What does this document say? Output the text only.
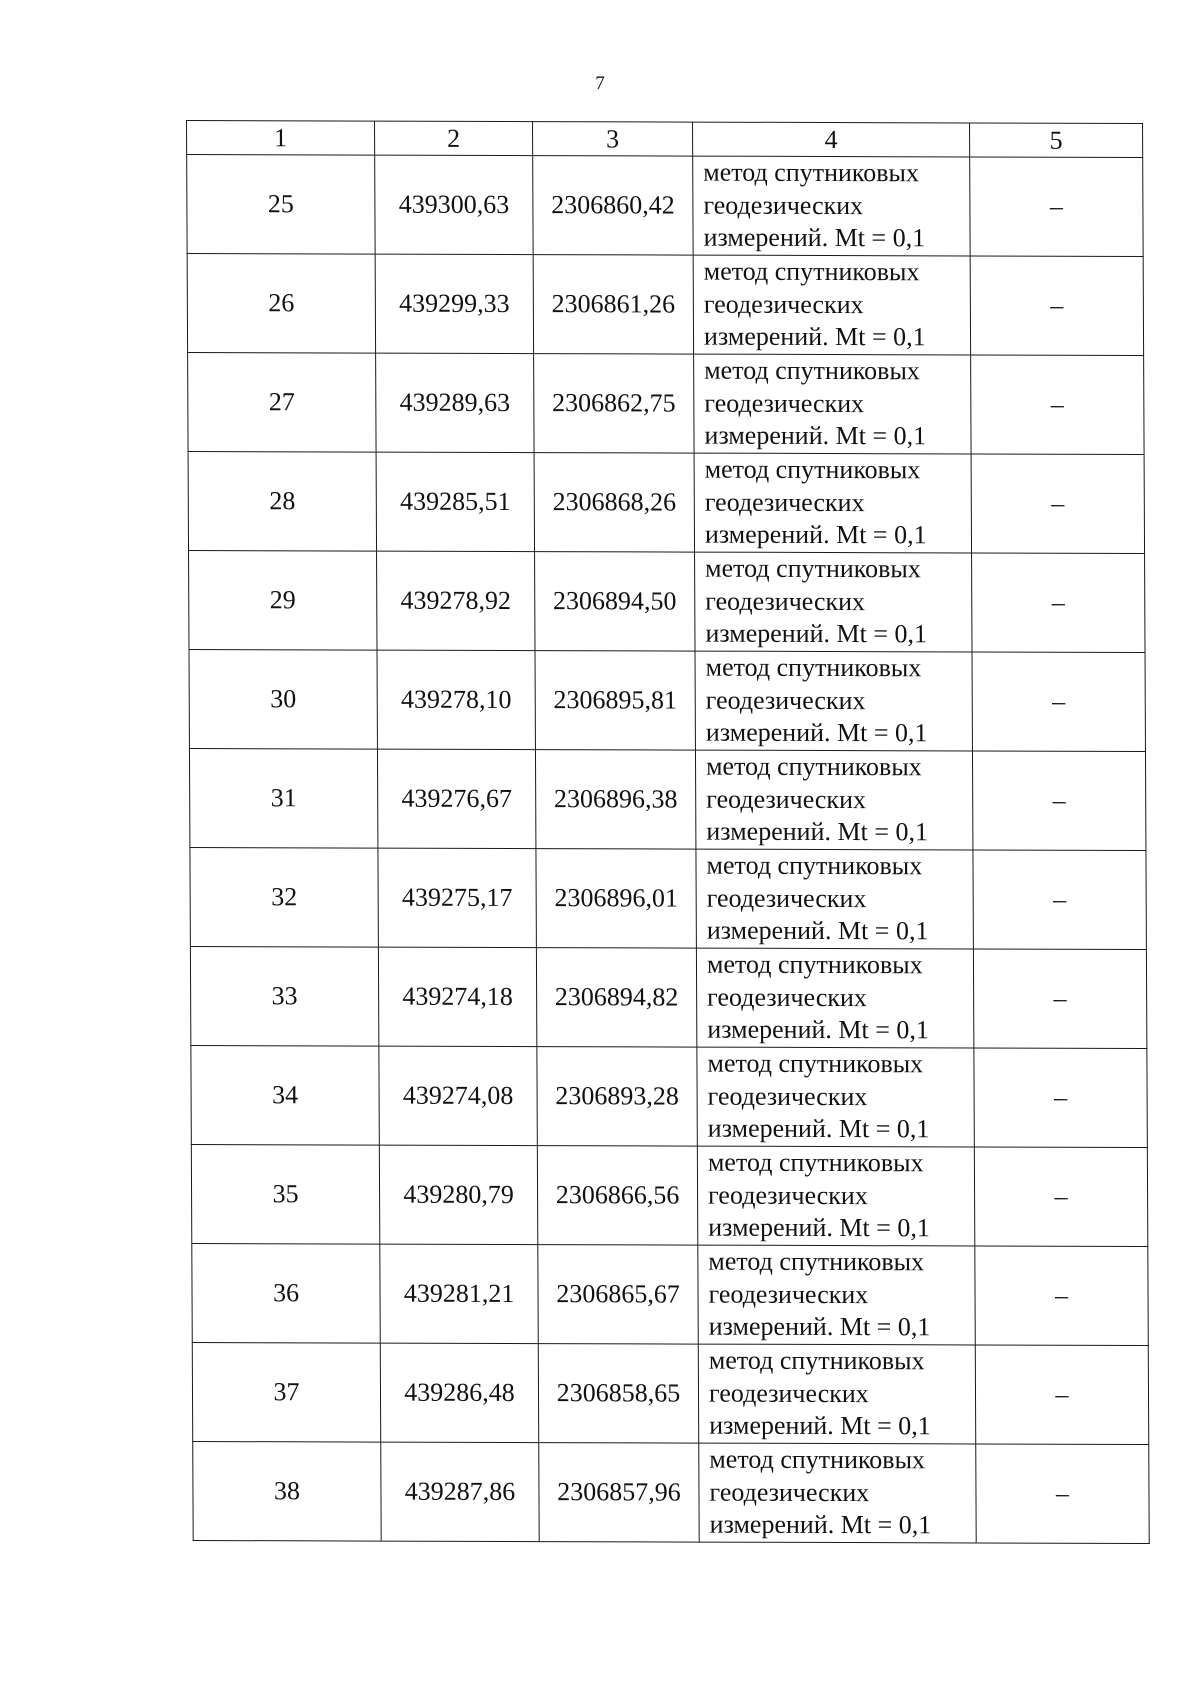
7
1	2	3	4	5
25	439300,63	2306860,42	метод спутниковых
геодезических
измерений. Mt = 0,1	–
26	439299,33	2306861,26	метод спутниковых
геодезических
измерений. Mt = 0,1	–
27	439289,63	2306862,75	метод спутниковых
геодезических
измерений. Mt = 0,1	–
28	439285,51	2306868,26	метод спутниковых
геодезических
измерений. Mt = 0,1	–
29	439278,92	2306894,50	метод спутниковых
геодезических
измерений. Mt = 0,1	–
30	439278,10	2306895,81	метод спутниковых
геодезических
измерений. Mt = 0,1	–
31	439276,67	2306896,38	метод спутниковых
геодезических
измерений. Mt = 0,1	–
32	439275,17	2306896,01	метод спутниковых
геодезических
измерений. Mt = 0,1	–
33	439274,18	2306894,82	метод спутниковых
геодезических
измерений. Mt = 0,1	–
34	439274,08	2306893,28	метод спутниковых
геодезических
измерений. Mt = 0,1	–
35	439280,79	2306866,56	метод спутниковых
геодезических
измерений. Mt = 0,1	–
36	439281,21	2306865,67	метод спутниковых
геодезических
измерений. Mt = 0,1	–
37	439286,48	2306858,65	метод спутниковых
геодезических
измерений. Mt = 0,1	–
38	439287,86	2306857,96	метод спутниковых
геодезических
измерений. Mt = 0,1	–
